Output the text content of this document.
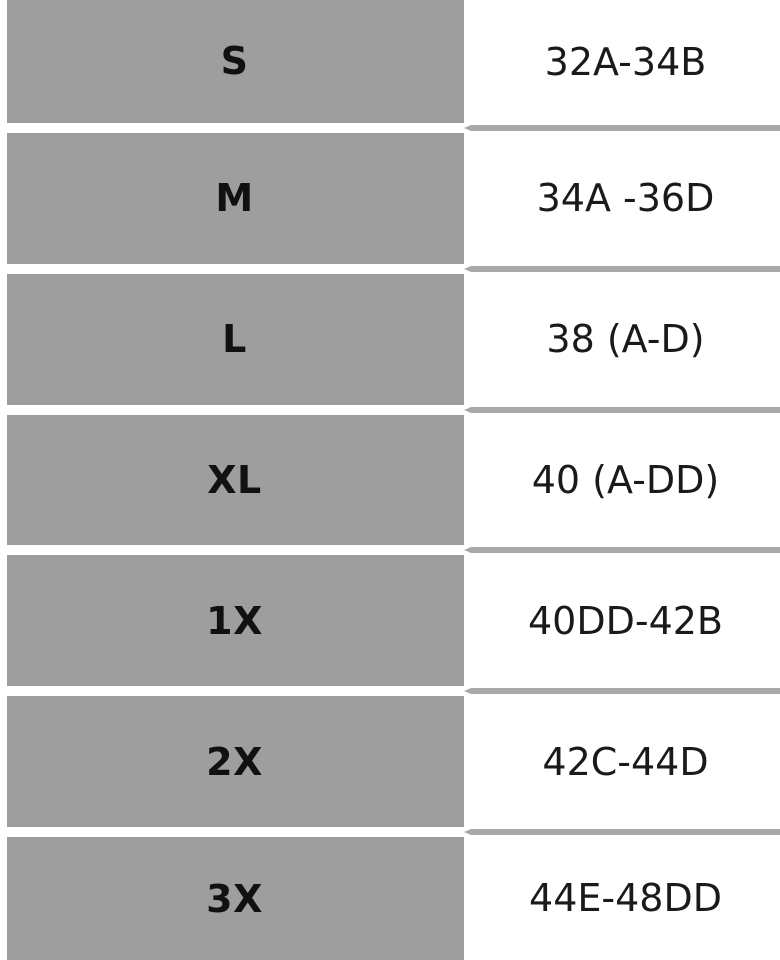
S	32A-34B
M	34A -36D
L	38 (A-D)
XL	40 (A-DD)
1X	40DD-42B
2X	42C-44D
3X	44E-48DD
